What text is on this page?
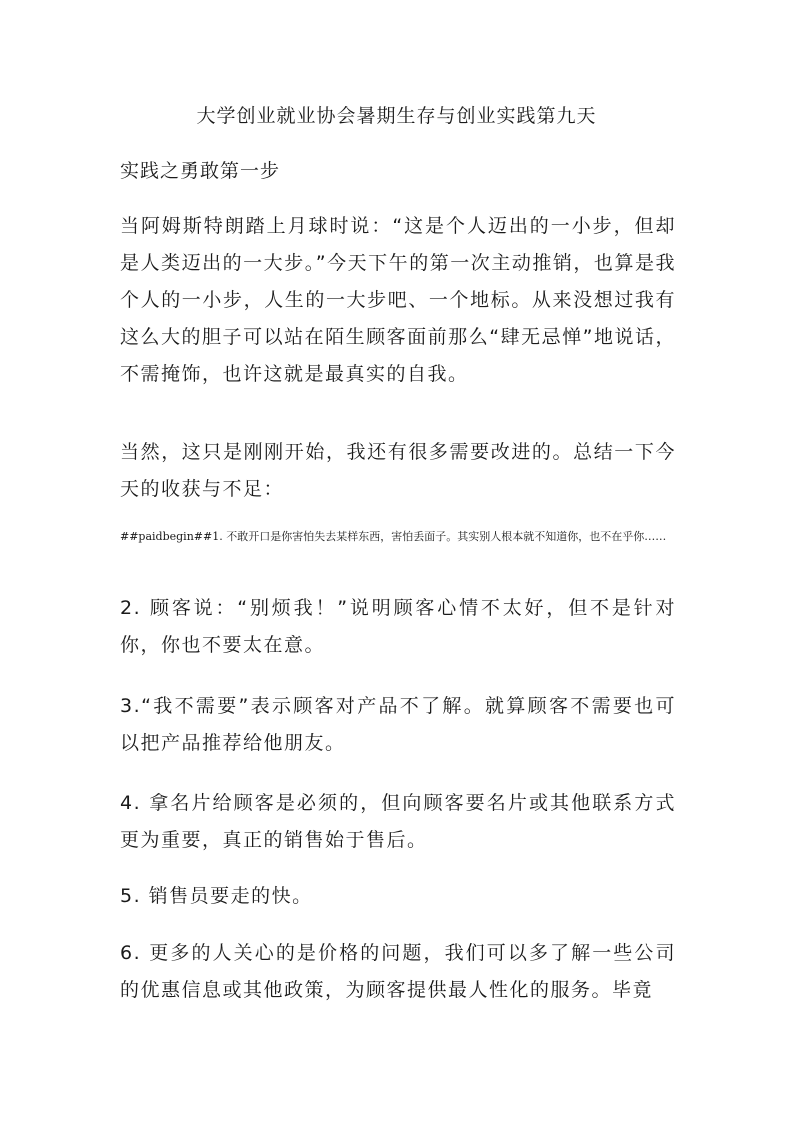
大学创业就业协会暑期生存与创业实践第九天

实践之勇敢第一步

当阿姆斯特朗踏上月球时说：“这是个人迈出的一小步，但却是人类迈出的一大步。”今天下午的第一次主动推销，也算是我个人的一小步，人生的一大步吧、一个地标。从来没想过我有这么大的胆子可以站在陌生顾客面前那么“肆无忌惮”地说话，不需掩饰，也许这就是最真实的自我。

当然，这只是刚刚开始，我还有很多需要改进的。总结一下今天的收获与不足：

##paidbegin##1. 不敢开口是你害怕失去某样东西，害怕丢面子。其实别人根本就不知道你，也不在乎你……

2. 顾客说：“别烦我！”说明顾客心情不太好，但不是针对你，你也不要太在意。

3.“我不需要”表示顾客对产品不了解。就算顾客不需要也可以把产品推荐给他朋友。

4. 拿名片给顾客是必须的，但向顾客要名片或其他联系方式更为重要，真正的销售始于售后。

5. 销售员要走的快。

6. 更多的人关心的是价格的问题，我们可以多了解一些公司的优惠信息或其他政策，为顾客提供最人性化的服务。毕竟
